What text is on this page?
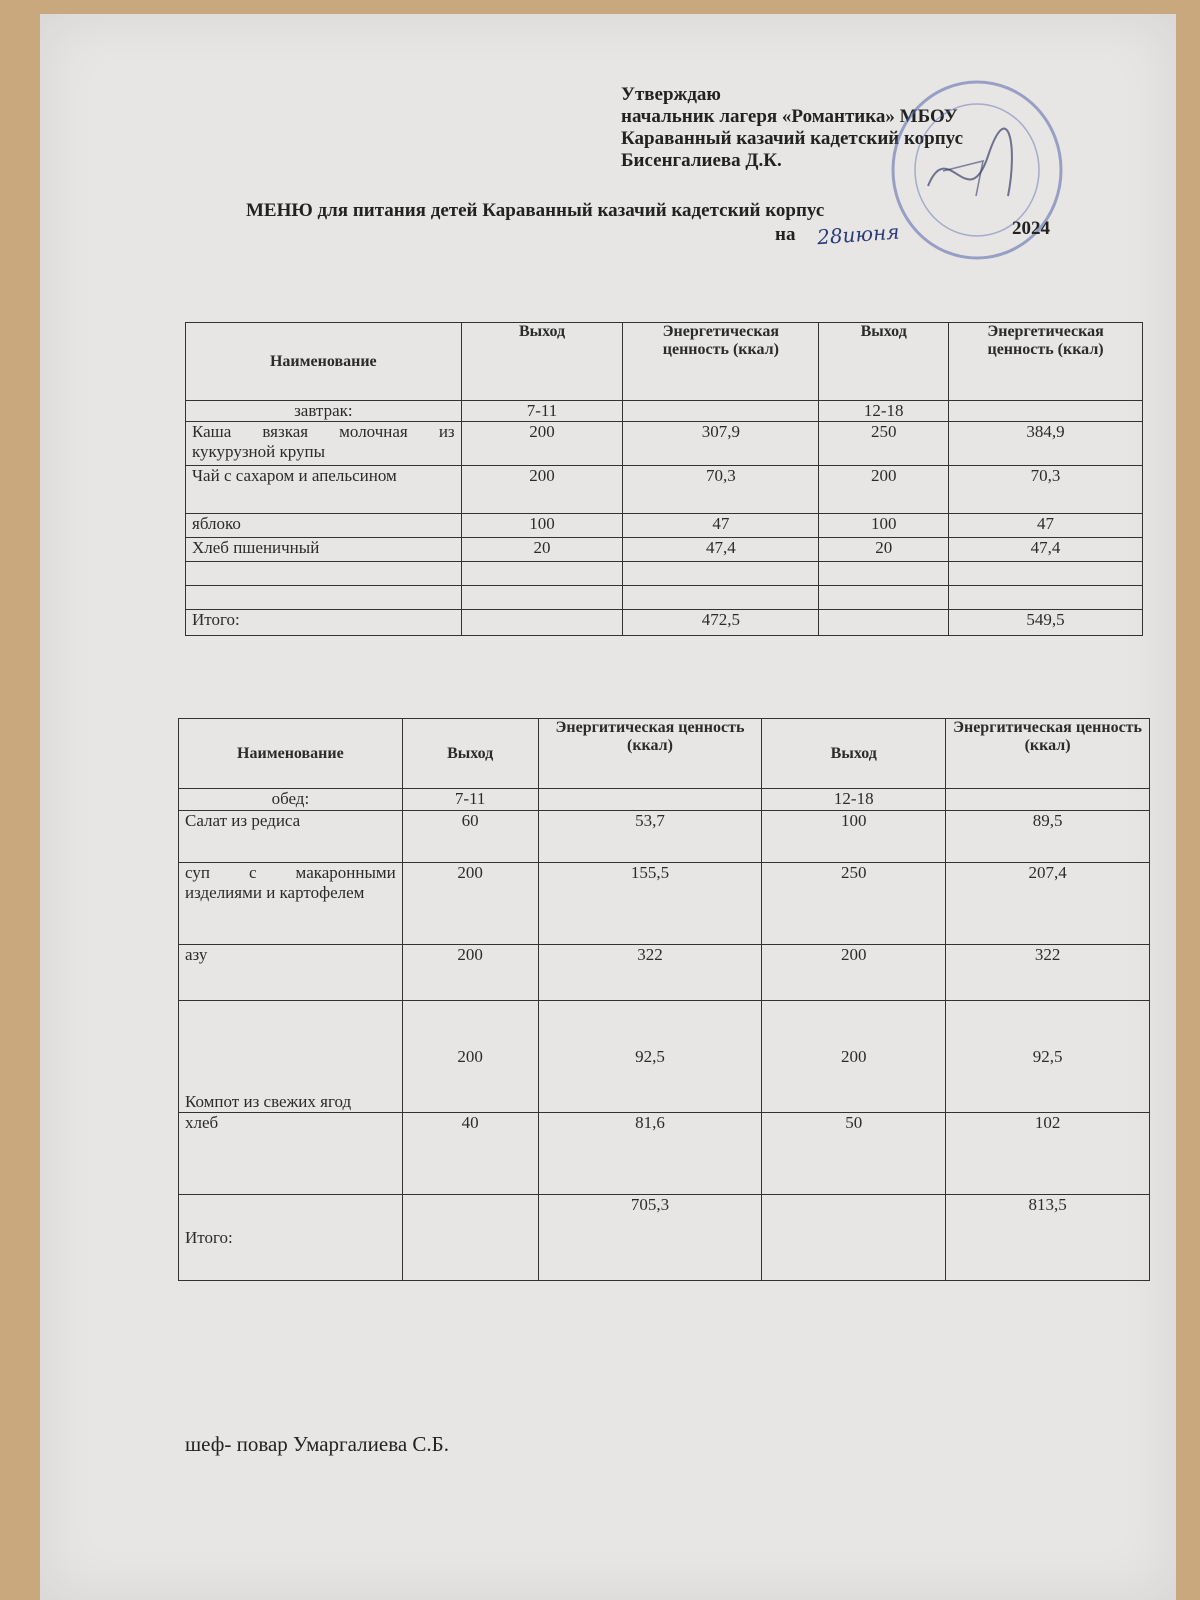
Утверждаю
начальник лагеря «Романтика» МБОУ
Караванный казачий кадетский корпус
Бисенгалиева Д.К.
МЕНЮ для питания детей Караванный казачий кадетский корпус
на 28июня	2024
Наименование	Выход	Энергетическая ценность (ккал)	Выход	Энергетическая ценность (ккал)
завтрак:	7-11		12-18	
Каша вязкая молочная из кукурузной крупы	200	307,9	250	384,9
Чай с сахаром и апельсином	200	70,3	200	70,3
яблоко	100	47	100	47
Хлеб пшеничный	20	47,4	20	47,4

Итого:		472,5		549,5
Наименование	Выход	Энергитическая ценность (ккал)	Выход	Энергитическая ценность (ккал)
обед:	7-11		12-18	
Салат из редиса	60	53,7	100	89,5
суп с макаронными изделиями и картофелем	200	155,5	250	207,4
азу	200	322	200	322
Компот из свежих ягод	200	92,5	200	92,5
хлеб	40	81,6	50	102
Итого:		705,3		813,5
шеф- повар Умаргалиева С.Б.
